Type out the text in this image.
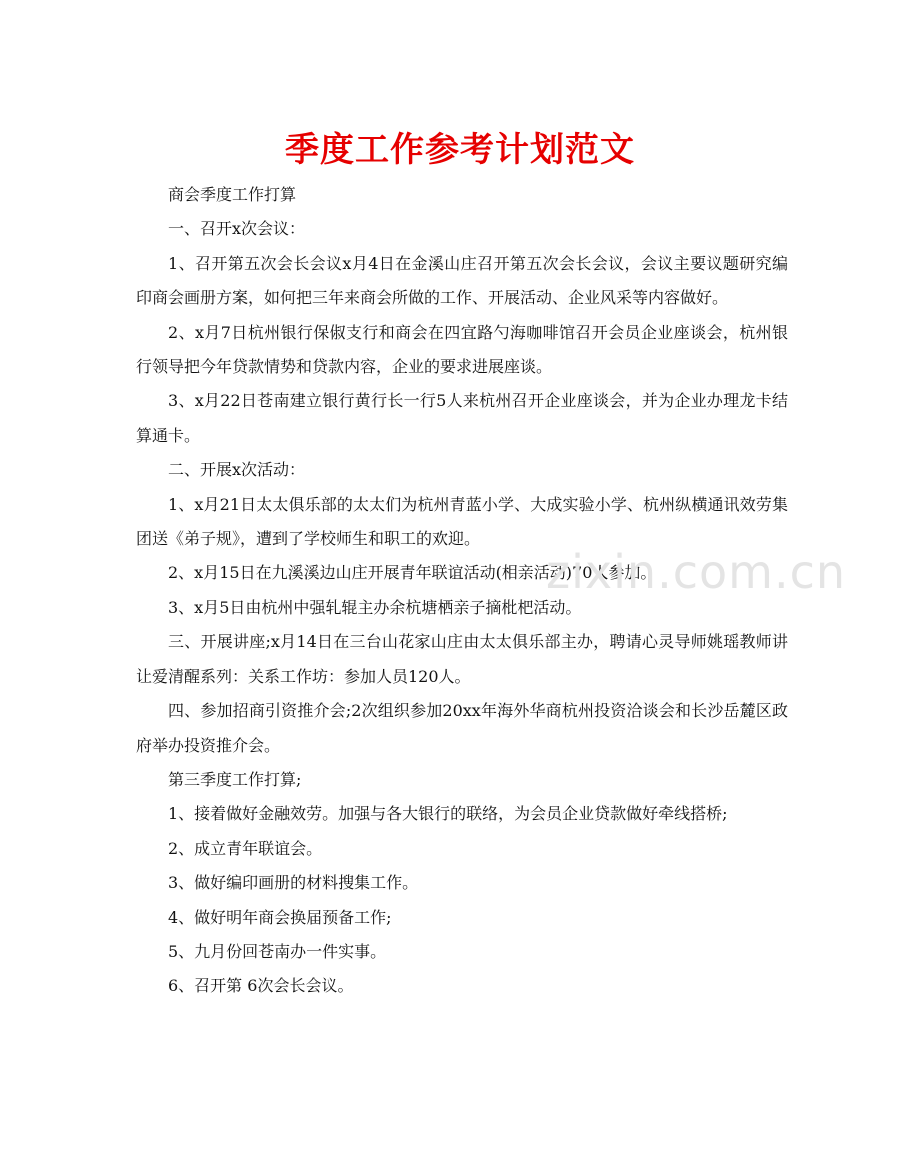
季度工作参考计划范文

商会季度工作打算

一、召开x次会议：

1、召开第五次会长会议x月4日在金溪山庄召开第五次会长会议，会议主要议题研究编印商会画册方案，如何把三年来商会所做的工作、开展活动、企业风采等内容做好。

2、x月7日杭州银行保俶支行和商会在四宜路勺海咖啡馆召开会员企业座谈会，杭州银行领导把今年贷款情势和贷款内容，企业的要求进展座谈。

3、x月22日苍南建立银行黄行长一行5人来杭州召开企业座谈会，并为企业办理龙卡结算通卡。

二、开展x次活动：

1、x月21日太太俱乐部的太太们为杭州青蓝小学、大成实验小学、杭州纵横通讯效劳集团送《弟子规》，遭到了学校师生和职工的欢迎。

2、x月15日在九溪溪边山庄开展青年联谊活动(相亲活动)70人参加。

3、x月5日由杭州中强轧辊主办余杭塘栖亲子摘枇杷活动。

三、开展讲座;x月14日在三台山花家山庄由太太俱乐部主办，聘请心灵导师姚瑶教师讲让爱清醒系列：关系工作坊：参加人员120人。

四、参加招商引资推介会;2次组织参加20xx年海外华商杭州投资洽谈会和长沙岳麓区政府举办投资推介会。

第三季度工作打算;

1、接着做好金融效劳。加强与各大银行的联络，为会员企业贷款做好牵线搭桥;

2、成立青年联谊会。

3、做好编印画册的材料搜集工作。

4、做好明年商会换届预备工作;

5、九月份回苍南办一件实事。

6、召开第 6次会长会议。

zixin.com.cn
